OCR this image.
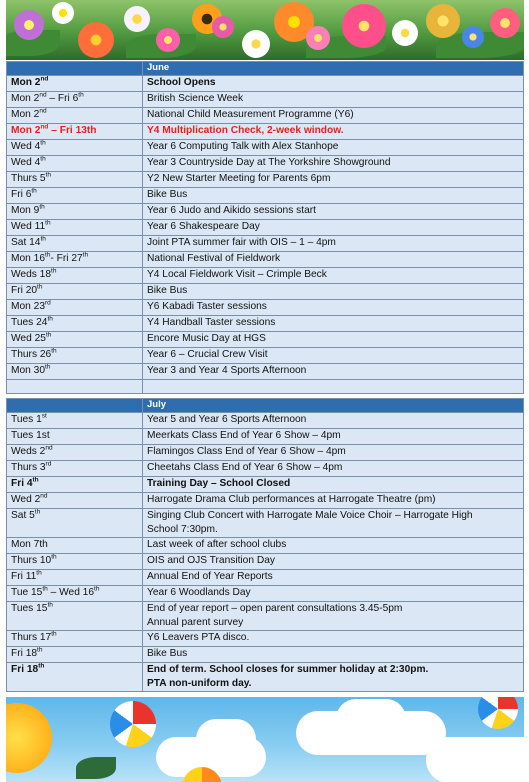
	June
Mon 2nd	School Opens

Mon 2nd – Fri 6th	British Science Week

Mon 2nd	National Child Measurement Programme (Y6)

Mon 2nd – Fri 13th	Y4 Multiplication Check, 2-week window.

Wed 4th	Year 6 Computing Talk with Alex Stanhope

Wed 4th	Year 3 Countryside Day at The Yorkshire Showground

Thurs 5th	Y2 New Starter Meeting for Parents 6pm

Fri 6th	Bike Bus

Mon 9th	Year 6 Judo and Aikido sessions start

Wed 11th	Year 6 Shakespeare Day

Sat 14th	Joint PTA summer fair with OIS – 1 – 4pm

Mon 16th- Fri 27th	National Festival of Fieldwork

Weds 18th	Y4 Local Fieldwork Visit – Crimple Beck

Fri 20th	Bike Bus

Mon 23rd	Y6 Kabadi Taster sessions

Tues 24th	Y4 Handball Taster sessions

Wed 25th	Encore Music Day at HGS

Thurs 26th	Year 6 – Crucial Crew Visit

Mon 30th	Year 3 and Year 4 Sports Afternoon

	July
Tues 1st	Year 5 and Year 6 Sports Afternoon

Tues 1st	Meerkats Class End of Year 6 Show – 4pm

Weds 2nd	Flamingos Class End of Year 6 Show – 4pm

Thurs 3rd	Cheetahs Class End of Year 6 Show – 4pm

Fri 4th	Training Day – School Closed

Wed 2nd	Harrogate Drama Club performances at Harrogate Theatre (pm)

Sat 5th	Singing Club Concert with Harrogate Male Voice Choir – Harrogate High
School 7:30pm.

Mon 7th	Last week of after school clubs

Thurs 10th	OIS and OJS Transition Day

Fri 11th	Annual End of Year Reports

Tue 15th – Wed 16th	Year 6 Woodlands Day

Tues 15th	End of year report – open parent consultations 3.45-5pm
Annual parent survey

Thurs 17th	Y6 Leavers PTA disco.

Fri 18th	Bike Bus

Fri 18th	End of term. School closes for summer holiday at 2:30pm.
PTA non-uniform day.
